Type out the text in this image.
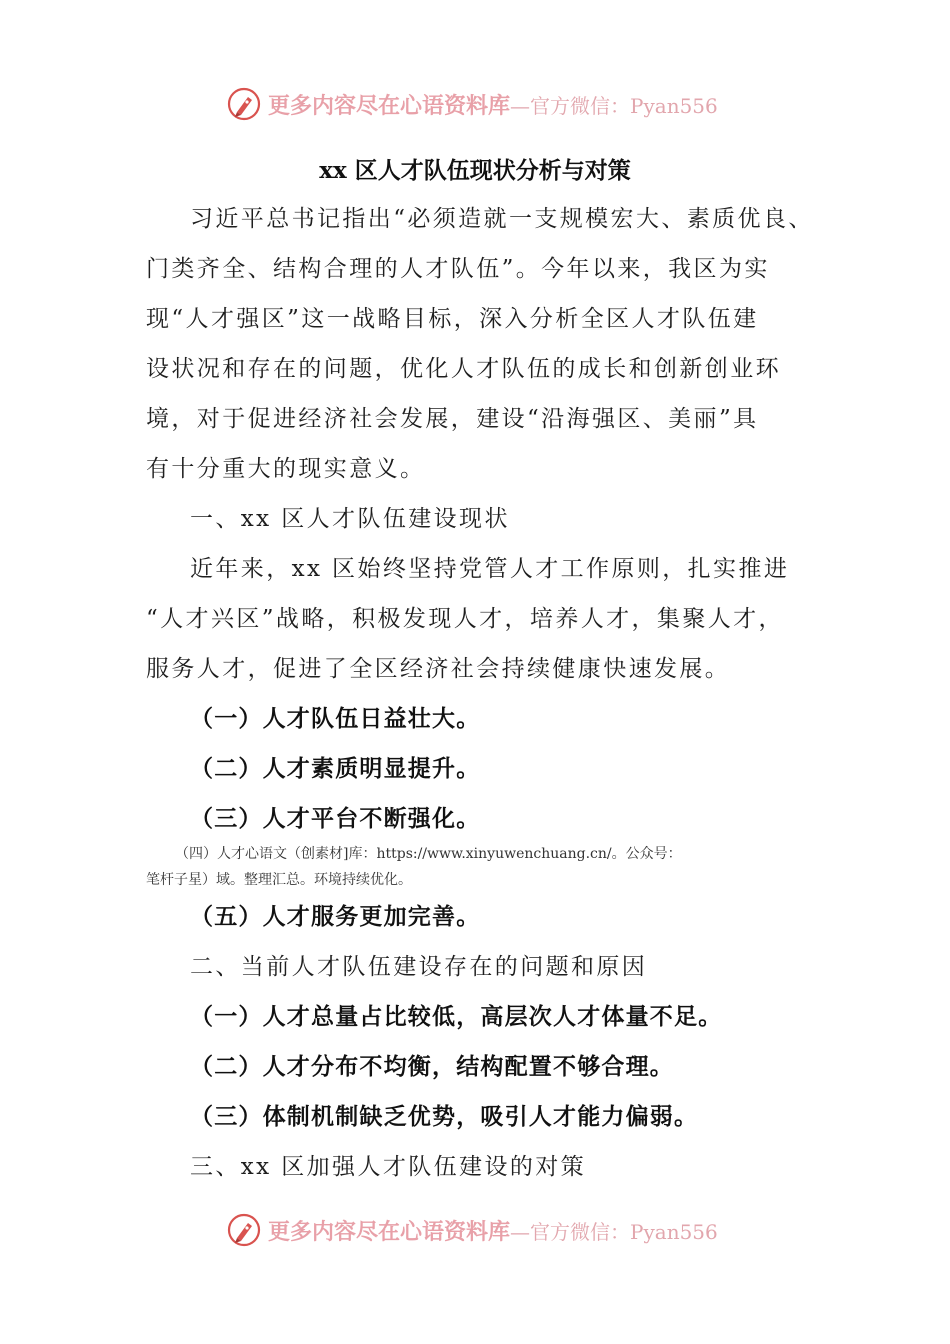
更多内容尽在心语资料库 —官方微信：Pyan556
xx 区人才队伍现状分析与对策
习近平总书记指出“必须造就一支规模宏大、素质优良、
门类齐全、结构合理的人才队伍”。今年以来，我区为实
现“人才强区”这一战略目标，深入分析全区人才队伍建
设状况和存在的问题，优化人才队伍的成长和创新创业环
境，对于促进经济社会发展，建设“沿海强区、美丽”具
有十分重大的现实意义。
一、xx 区人才队伍建设现状
近年来，xx 区始终坚持党管人才工作原则，扎实推进
“人才兴区”战略，积极发现人才，培养人才，集聚人才，
服务人才，促进了全区经济社会持续健康快速发展。
（一）人才队伍日益壮大。
（二）人才素质明显提升。
（三）人才平台不断强化。
（四）人才心语文（创素材]库：https://www.xinyuwenchuang.cn/。公众号：
笔杆子星）域。整理汇总。环境持续优化。
（五）人才服务更加完善。
二、当前人才队伍建设存在的问题和原因
（一）人才总量占比较低，高层次人才体量不足。
（二）人才分布不均衡，结构配置不够合理。
（三）体制机制缺乏优势，吸引人才能力偏弱。
三、xx 区加强人才队伍建设的对策
更多内容尽在心语资料库 —官方微信：Pyan556
